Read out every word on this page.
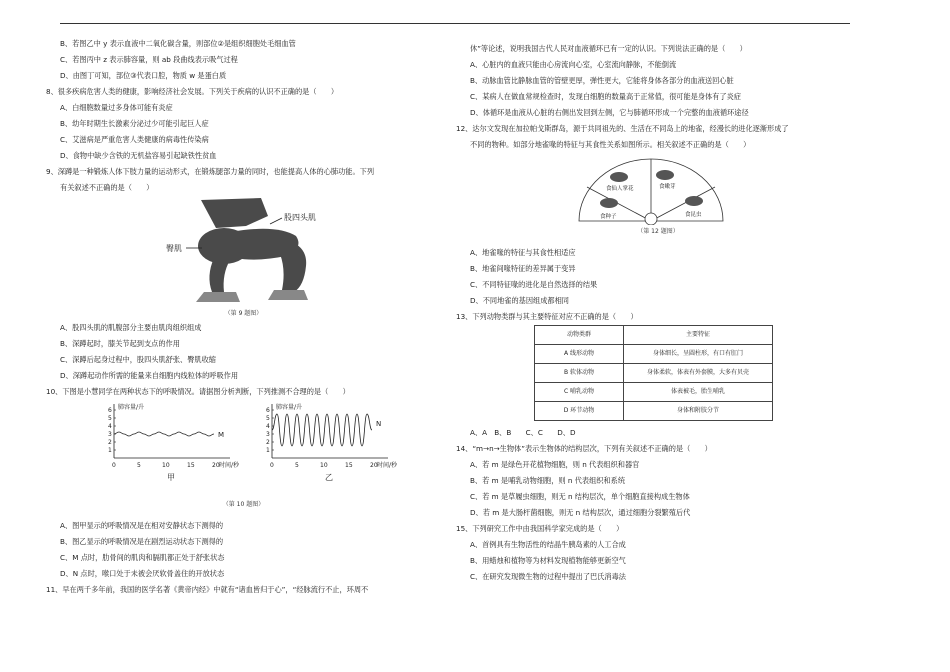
B、若图乙中 y 表示血液中二氧化碳含量，则部位②是组织细胞处毛细血管
C、若图丙中 z 表示肺容量，则 ab 段曲线表示吸气过程
D、由图丁可知，部位③代表口腔，物质 w 是蛋白质
8、很多疾病危害人类的健康，影响经济社会发展。下列关于疾病的认识不正确的是（　　）
A、白细胞数量过多身体可能有炎症
B、幼年时期生长激素分泌过少可能引起巨人症
C、艾滋病是严重危害人类健康的病毒性传染病
D、食物中缺少含铁的无机盐容易引起缺铁性贫血
9、深蹲是一种锻炼人体下肢力量的运动形式，在锻炼腿部力量的同时，也能提高人体的心肺功能。下列
有关叙述不正确的是（　　）
股四头肌
臀肌
（第 9 题图）
A、股四头肌的肌腹部分主要由肌肉组织组成
B、深蹲起时，膝关节起到支点的作用
C、深蹲后起身过程中，股四头肌舒张、臀肌收缩
D、深蹲起动作所需的能量来自细胞内线粒体的呼吸作用
10、下图是小慧同学在两种状态下的呼吸情况。请据图分析判断，下列推测不合理的是（　　）
肺容量/升
6
5
4
3
2
1
0	5	10	15	20 时间/秒
M
甲
肺容量/升
6
5
4
3
2
1
0	5	10	15	20 时间/秒
N
乙
（第 10 题图）
A、图甲显示的呼吸情况是在相对安静状态下测得的
B、图乙显示的呼吸情况是在剧烈运动状态下测得的
C、M 点时，肋骨间的肌肉和膈肌都正处于舒张状态
D、N 点时，喉口处于未被会厌软骨盖住的开放状态
11、早在两千多年前，我国的医学名著《黄帝内经》中就有“诸血皆归于心”，“经脉流行不止，环周不
休”等论述，说明我国古代人民对血液循环已有一定的认识。下列说法正确的是（　　）
A、心脏内的血液只能由心房流向心室，心室流向静脉，不能倒流
B、动脉血管比静脉血管的管壁更厚，弹性更大，它能将身体各部分的血液送回心脏
C、某病人在做血常规检查时，发现白细胞的数量高于正常值，很可能是身体有了炎症
D、体循环是血液从心脏的右侧出发回到左侧，它与肺循环形成一个完整的血液循环途径
12、达尔文发现在加拉帕戈斯群岛，源于共同祖先的、生活在不同岛上的地雀，经漫长的进化逐渐形成了
不同的物种。如部分地雀喙的特征与其食性关系如图所示。相关叙述不正确的是（　　）
食仙人掌花	食嫩芽
食种子	食昆虫
（第 12 题图）
A、地雀喙的特征与其食性相适应
B、地雀间喙特征的差异属于变异
C、不同特征喙的进化是自然选择的结果
D、不同地雀的基因组成都相同
13、下列动物类群与其主要特征对应不正确的是（　　）
动物类群	主要特征
A 线形动物	身体细长，呈圆柱形，有口有肛门
B 软体动物	身体柔软，体表有外套膜，大多有贝壳
C 哺乳动物	体表被毛，胎生哺乳
D 环节动物	身体和附肢分节
A、A　B、B　　C、C　　D、D
14、“m→n→生物体”表示生物体的结构层次，下列有关叙述不正确的是（　　）
A、若 m 是绿色开花植物细胞，则 n 代表组织和器官
B、若 m 是哺乳动物细胞，则 n 代表组织和系统
C、若 m 是草履虫细胞，则无 n 结构层次，单个细胞直接构成生物体
D、若 m 是大肠杆菌细胞，则无 n 结构层次，通过细胞分裂繁殖后代
15、下列研究工作中由我国科学家完成的是（　　）
A、首例具有生物活性的结晶牛胰岛素的人工合成
B、用蜡烛和植物等为材料发现植物能够更新空气
C、在研究发现微生物的过程中提出了巴氏消毒法
